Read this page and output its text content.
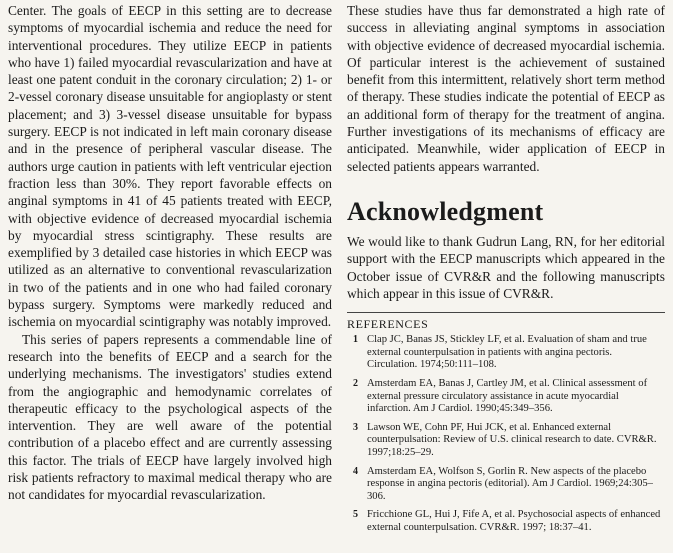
Center. The goals of EECP in this setting are to decrease symptoms of myocardial ischemia and reduce the need for interventional procedures. They utilize EECP in patients who have 1) failed myocardial revascularization and have at least one patent conduit in the coronary circulation; 2) 1- or 2-vessel coronary disease unsuitable for angioplasty or stent placement; and 3) 3-vessel disease unsuitable for bypass surgery. EECP is not indicated in left main coronary disease and in the presence of peripheral vascular disease. The authors urge caution in patients with left ventricular ejection fraction less than 30%. They report favorable effects on anginal symptoms in 41 of 45 patients treated with EECP, with objective evidence of decreased myocardial ischemia by myocardial stress scintigraphy. These results are exemplified by 3 detailed case histories in which EECP was utilized as an alternative to conventional revascularization in two of the patients and in one who had failed coronary bypass surgery. Symptoms were markedly reduced and ischemia on myocardial scintigraphy was notably improved.

This series of papers represents a commendable line of research into the benefits of EECP and a search for the underlying mechanisms. The investigators' studies extend from the angiographic and hemodynamic correlates of therapeutic efficacy to the psychological aspects of the intervention. They are well aware of the potential contribution of a placebo effect and are currently assessing this factor. The trials of EECP have largely involved high risk patients refractory to maximal medical therapy who are not candidates for myocardial revascularization.

These studies have thus far demonstrated a high rate of success in alleviating anginal symptoms in association with objective evidence of decreased myocardial ischemia. Of particular interest is the achievement of sustained benefit from this intermittent, relatively short term method of therapy. These studies indicate the potential of EECP as an additional form of therapy for the treatment of angina. Further investigations of its mechanisms of efficacy are anticipated. Meanwhile, wider application of EECP in selected patients appears warranted.

Acknowledgment

We would like to thank Gudrun Lang, RN, for her editorial support with the EECP manuscripts which appeared in the October issue of CVR&R and the following manuscripts which appear in this issue of CVR&R.

REFERENCES
1 Clap JC, Banas JS, Stickley LF, et al. Evaluation of sham and true external counterpulsation in patients with angina pectoris. Circulation. 1974;50:111–108.
2 Amsterdam EA, Banas J, Cartley JM, et al. Clinical assessment of external pressure circulatory assistance in acute myocardial infarction. Am J Cardiol. 1990;45:349–356.
3 Lawson WE, Cohn PF, Hui JCK, et al. Enhanced external counterpulsation: Review of U.S. clinical research to date. CVR&R. 1997;18:25–29.
4 Amsterdam EA, Wolfson S, Gorlin R. New aspects of the placebo response in angina pectoris (editorial). Am J Cardiol. 1969;24:305–306.
5 Fricchione GL, Hui J, Fife A, et al. Psychosocial aspects of enhanced external counterpulsation. CVR&R. 1997; 18:37–41.
